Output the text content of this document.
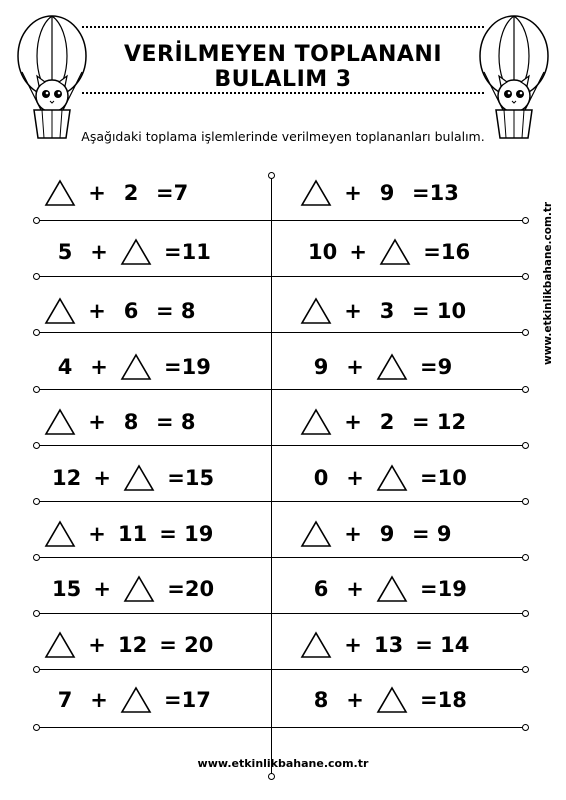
VERİLMEYEN TOPLANANI BULALIM 3
Aşağıdaki toplama işlemlerinde verilmeyen toplananları bulalım.
www.etkinlikbahane.com.tr
+ 2 =7	+ 9 =13
5 +	=11	10 +	=16
+ 6 = 8	+ 3 = 10
4 +	=19	9 +	=9
+ 8 = 8	+ 2 = 12
12 +	=15	0 +	=10
+ 11 = 19	+ 9 = 9
15 +	=20	6 +	=19
+ 12 = 20	+ 13 = 14
7 +	=17	8 +	=18
www.etkinlikbahane.com.tr
